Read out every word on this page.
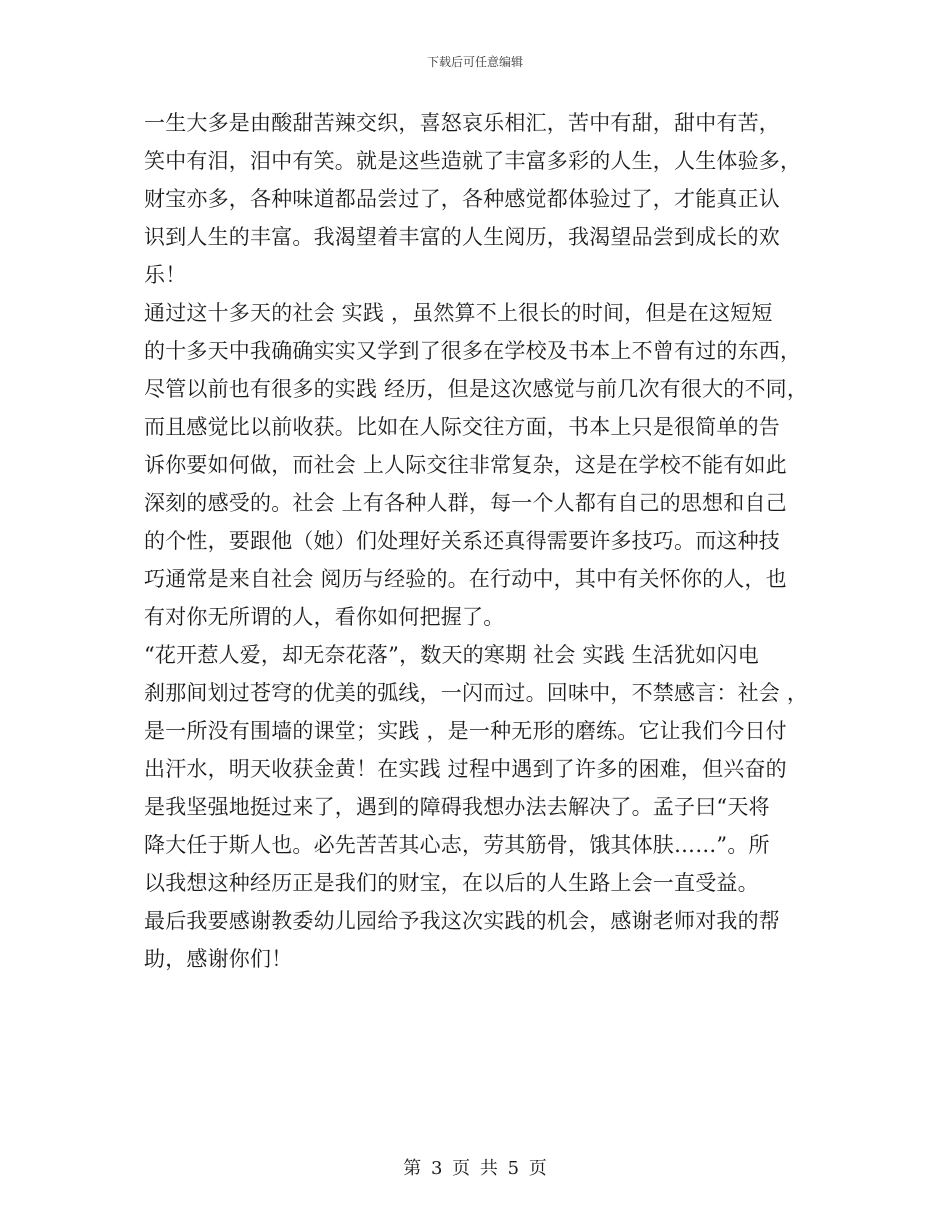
下载后可任意编辑
一生大多是由酸甜苦辣交织，喜怒哀乐相汇，苦中有甜，甜中有苦，
笑中有泪，泪中有笑。就是这些造就了丰富多彩的人生，人生体验多，
财宝亦多，各种味道都品尝过了，各种感觉都体验过了，才能真正认
识到人生的丰富。我渴望着丰富的人生阅历，我渴望品尝到成长的欢
乐！
通过这十多天的社会 实践 ，虽然算不上很长的时间，但是在这短短
的十多天中我确确实实又学到了很多在学校及书本上不曾有过的东西，
尽管以前也有很多的实践 经历，但是这次感觉与前几次有很大的不同，
而且感觉比以前收获。比如在人际交往方面，书本上只是很简单的告
诉你要如何做，而社会 上人际交往非常复杂，这是在学校不能有如此
深刻的感受的。社会 上有各种人群，每一个人都有自己的思想和自己
的个性，要跟他（她）们处理好关系还真得需要许多技巧。而这种技
巧通常是来自社会 阅历与经验的。在行动中，其中有关怀你的人，也
有对你无所谓的人，看你如何把握了。
“花开惹人爱，却无奈花落”，数天的寒期 社会 实践 生活犹如闪电
刹那间划过苍穹的优美的弧线，一闪而过。回味中，不禁感言：社会 ，
是一所没有围墙的课堂；实践 ，是一种无形的磨练。它让我们今日付
出汗水，明天收获金黄！在实践 过程中遇到了许多的困难，但兴奋的
是我坚强地挺过来了，遇到的障碍我想办法去解决了。孟子曰“天将
降大任于斯人也。必先苦苦其心志，劳其筋骨，饿其体肤……”。所
以我想这种经历正是我们的财宝，在以后的人生路上会一直受益。
最后我要感谢教委幼儿园给予我这次实践的机会，感谢老师对我的帮
助，感谢你们！
第 3 页 共 5 页
